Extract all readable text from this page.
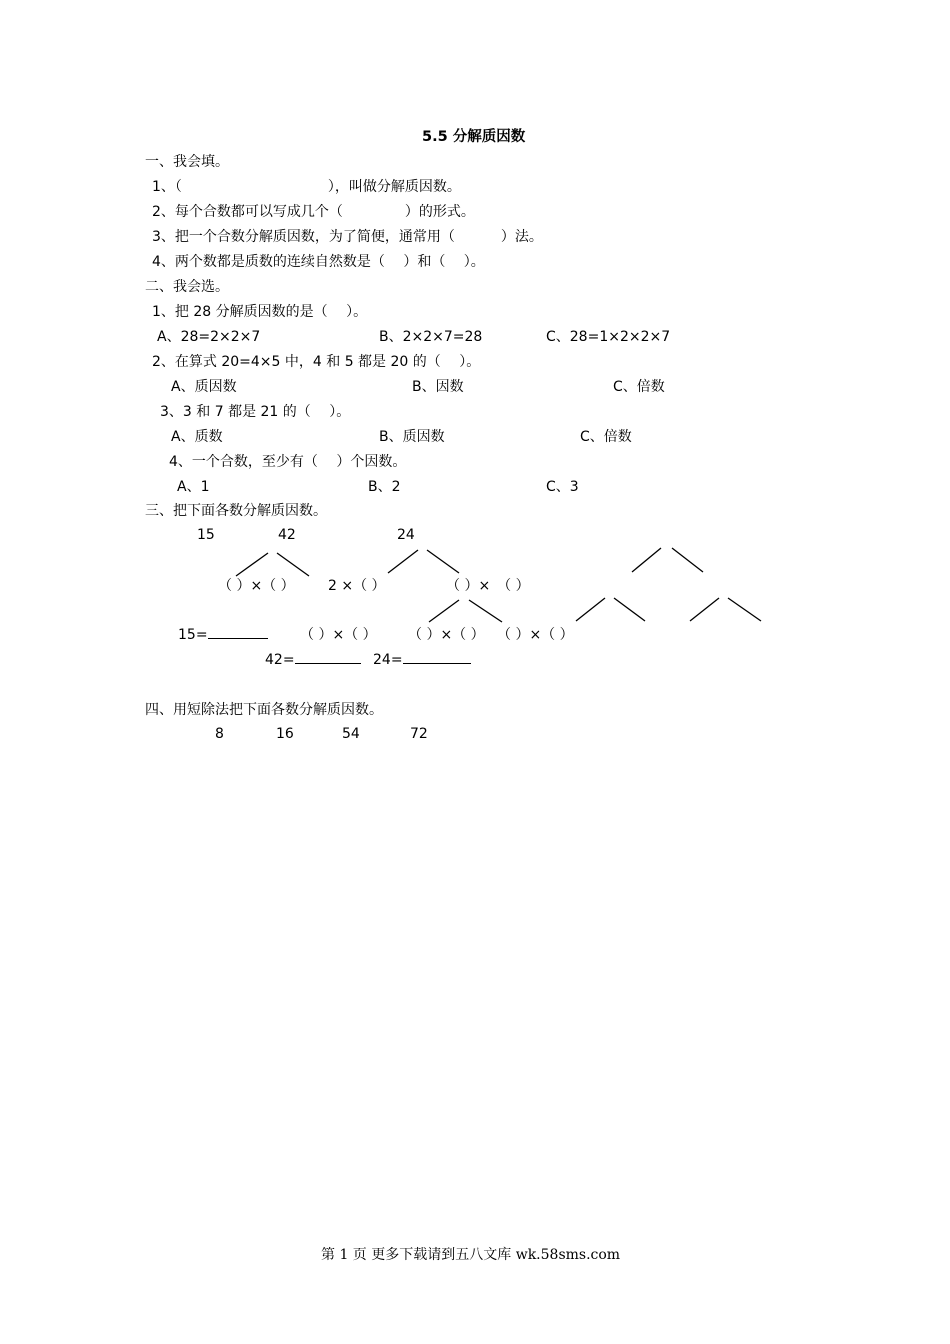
5.5 分解质因数
一、我会填。
1、（	），叫做分解质因数。
2、每个合数都可以写成几个（	）的形式。
3、把一个合数分解质因数，为了简便，通常用（	）法。
4、两个数都是质数的连续自然数是（　 ）和（　 ）。
二、我会选。
1、把 28 分解质因数的是（　 ）。
A、28=2×2×7	B、2×2×7=28	C、28=1×2×2×7
2、在算式 20=4×5 中，4 和 5 都是 20 的（　 ）。
A、质因数	B、因数	C、倍数
3、3 和 7 都是 21 的（　 ）。
A、质数	B、质因数	C、倍数
4、一个合数，至少有（　 ）个因数。
A、1	B、2	C、3
三、把下面各数分解质因数。
15	42	24
（ ）×（ ） 2 ×（ ）	（ ）×　（ ）
15=	（ ）×（ ） （ ）×（ ） （ ）×（ ）
42=	24=
四、用短除法把下面各数分解质因数。
8	16	54	72
第 1 页 更多下载请到五八文库 wk.58sms.com
